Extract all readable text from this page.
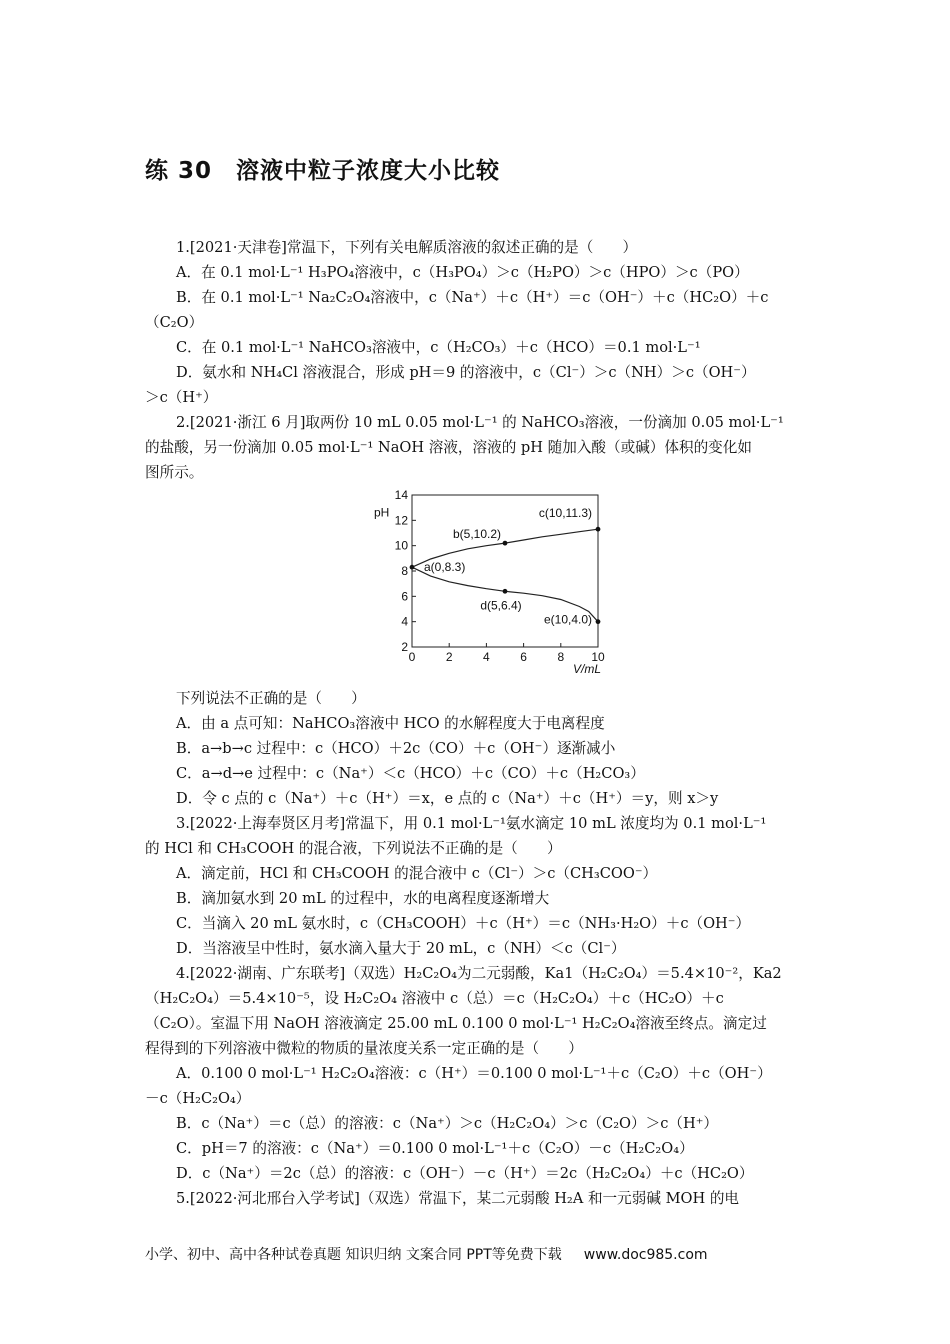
练 30　溶液中粒子浓度大小比较
1.[2021·天津卷]常温下，下列有关电解质溶液的叙述正确的是（　　）
A．在 0.1 mol·L⁻¹ H₃PO₄溶液中，c（H₃PO₄）＞c（H₂PO）＞c（HPO）＞c（PO）
B．在 0.1 mol·L⁻¹ Na₂C₂O₄溶液中，c（Na⁺）＋c（H⁺）＝c（OH⁻）＋c（HC₂O）＋c
（C₂O）
C．在 0.1 mol·L⁻¹ NaHCO₃溶液中，c（H₂CO₃）＋c（HCO）＝0.1 mol·L⁻¹
D．氨水和 NH₄Cl 溶液混合，形成 pH＝9 的溶液中，c（Cl⁻）＞c（NH）＞c（OH⁻）
＞c（H⁺）
2.[2021·浙江 6 月]取两份 10 mL 0.05 mol·L⁻¹ 的 NaHCO₃溶液，一份滴加 0.05 mol·L⁻¹
的盐酸，另一份滴加 0.05 mol·L⁻¹ NaOH 溶液，溶液的 pH 随加入酸（或碱）体积的变化如
图所示。
0	2	4	6	8 10
2
4
6
8
10
12
14
pH
V/mL
a(0,8.3)
b(5,10.2)
c(10,11.3)
d(5,6.4)
e(10,4.0)
下列说法不正确的是（　　）
A．由 a 点可知：NaHCO₃溶液中 HCO 的水解程度大于电离程度
B．a→b→c 过程中：c（HCO）＋2c（CO）＋c（OH⁻）逐渐减小
C．a→d→e 过程中：c（Na⁺）＜c（HCO）＋c（CO）＋c（H₂CO₃）
D．令 c 点的 c（Na⁺）＋c（H⁺）＝x，e 点的 c（Na⁺）＋c（H⁺）＝y，则 x＞y
3.[2022·上海奉贤区月考]常温下，用 0.1 mol·L⁻¹氨水滴定 10 mL 浓度均为 0.1 mol·L⁻¹
的 HCl 和 CH₃COOH 的混合液，下列说法不正确的是（　　）
A．滴定前，HCl 和 CH₃COOH 的混合液中 c（Cl⁻）＞c（CH₃COO⁻）
B．滴加氨水到 20 mL 的过程中，水的电离程度逐渐增大
C．当滴入 20 mL 氨水时，c（CH₃COOH）＋c（H⁺）＝c（NH₃·H₂O）＋c（OH⁻）
D．当溶液呈中性时，氨水滴入量大于 20 mL，c（NH）＜c（Cl⁻）
4.[2022·湖南、广东联考]（双选）H₂C₂O₄为二元弱酸，Ka1（H₂C₂O₄）＝5.4×10⁻²，Ka2
（H₂C₂O₄）＝5.4×10⁻⁵，设 H₂C₂O₄ 溶液中 c（总）＝c（H₂C₂O₄）＋c（HC₂O）＋c
（C₂O）。室温下用 NaOH 溶液滴定 25.00 mL 0.100 0 mol·L⁻¹ H₂C₂O₄溶液至终点。滴定过
程得到的下列溶液中微粒的物质的量浓度关系一定正确的是（　　）
A．0.100 0 mol·L⁻¹ H₂C₂O₄溶液：c（H⁺）＝0.100 0 mol·L⁻¹＋c（C₂O）＋c（OH⁻）
－c（H₂C₂O₄）
B．c（Na⁺）＝c（总）的溶液：c（Na⁺）＞c（H₂C₂O₄）＞c（C₂O）＞c（H⁺）
C．pH＝7 的溶液：c（Na⁺）＝0.100 0 mol·L⁻¹＋c（C₂O）－c（H₂C₂O₄）
D．c（Na⁺）＝2c（总）的溶液：c（OH⁻）－c（H⁺）＝2c（H₂C₂O₄）＋c（HC₂O）
5.[2022·河北邢台入学考试]（双选）常温下，某二元弱酸 H₂A 和一元弱碱 MOH 的电
小学、初中、高中各种试卷真题 知识归纳 文案合同 PPT等免费下载 www.doc985.com
